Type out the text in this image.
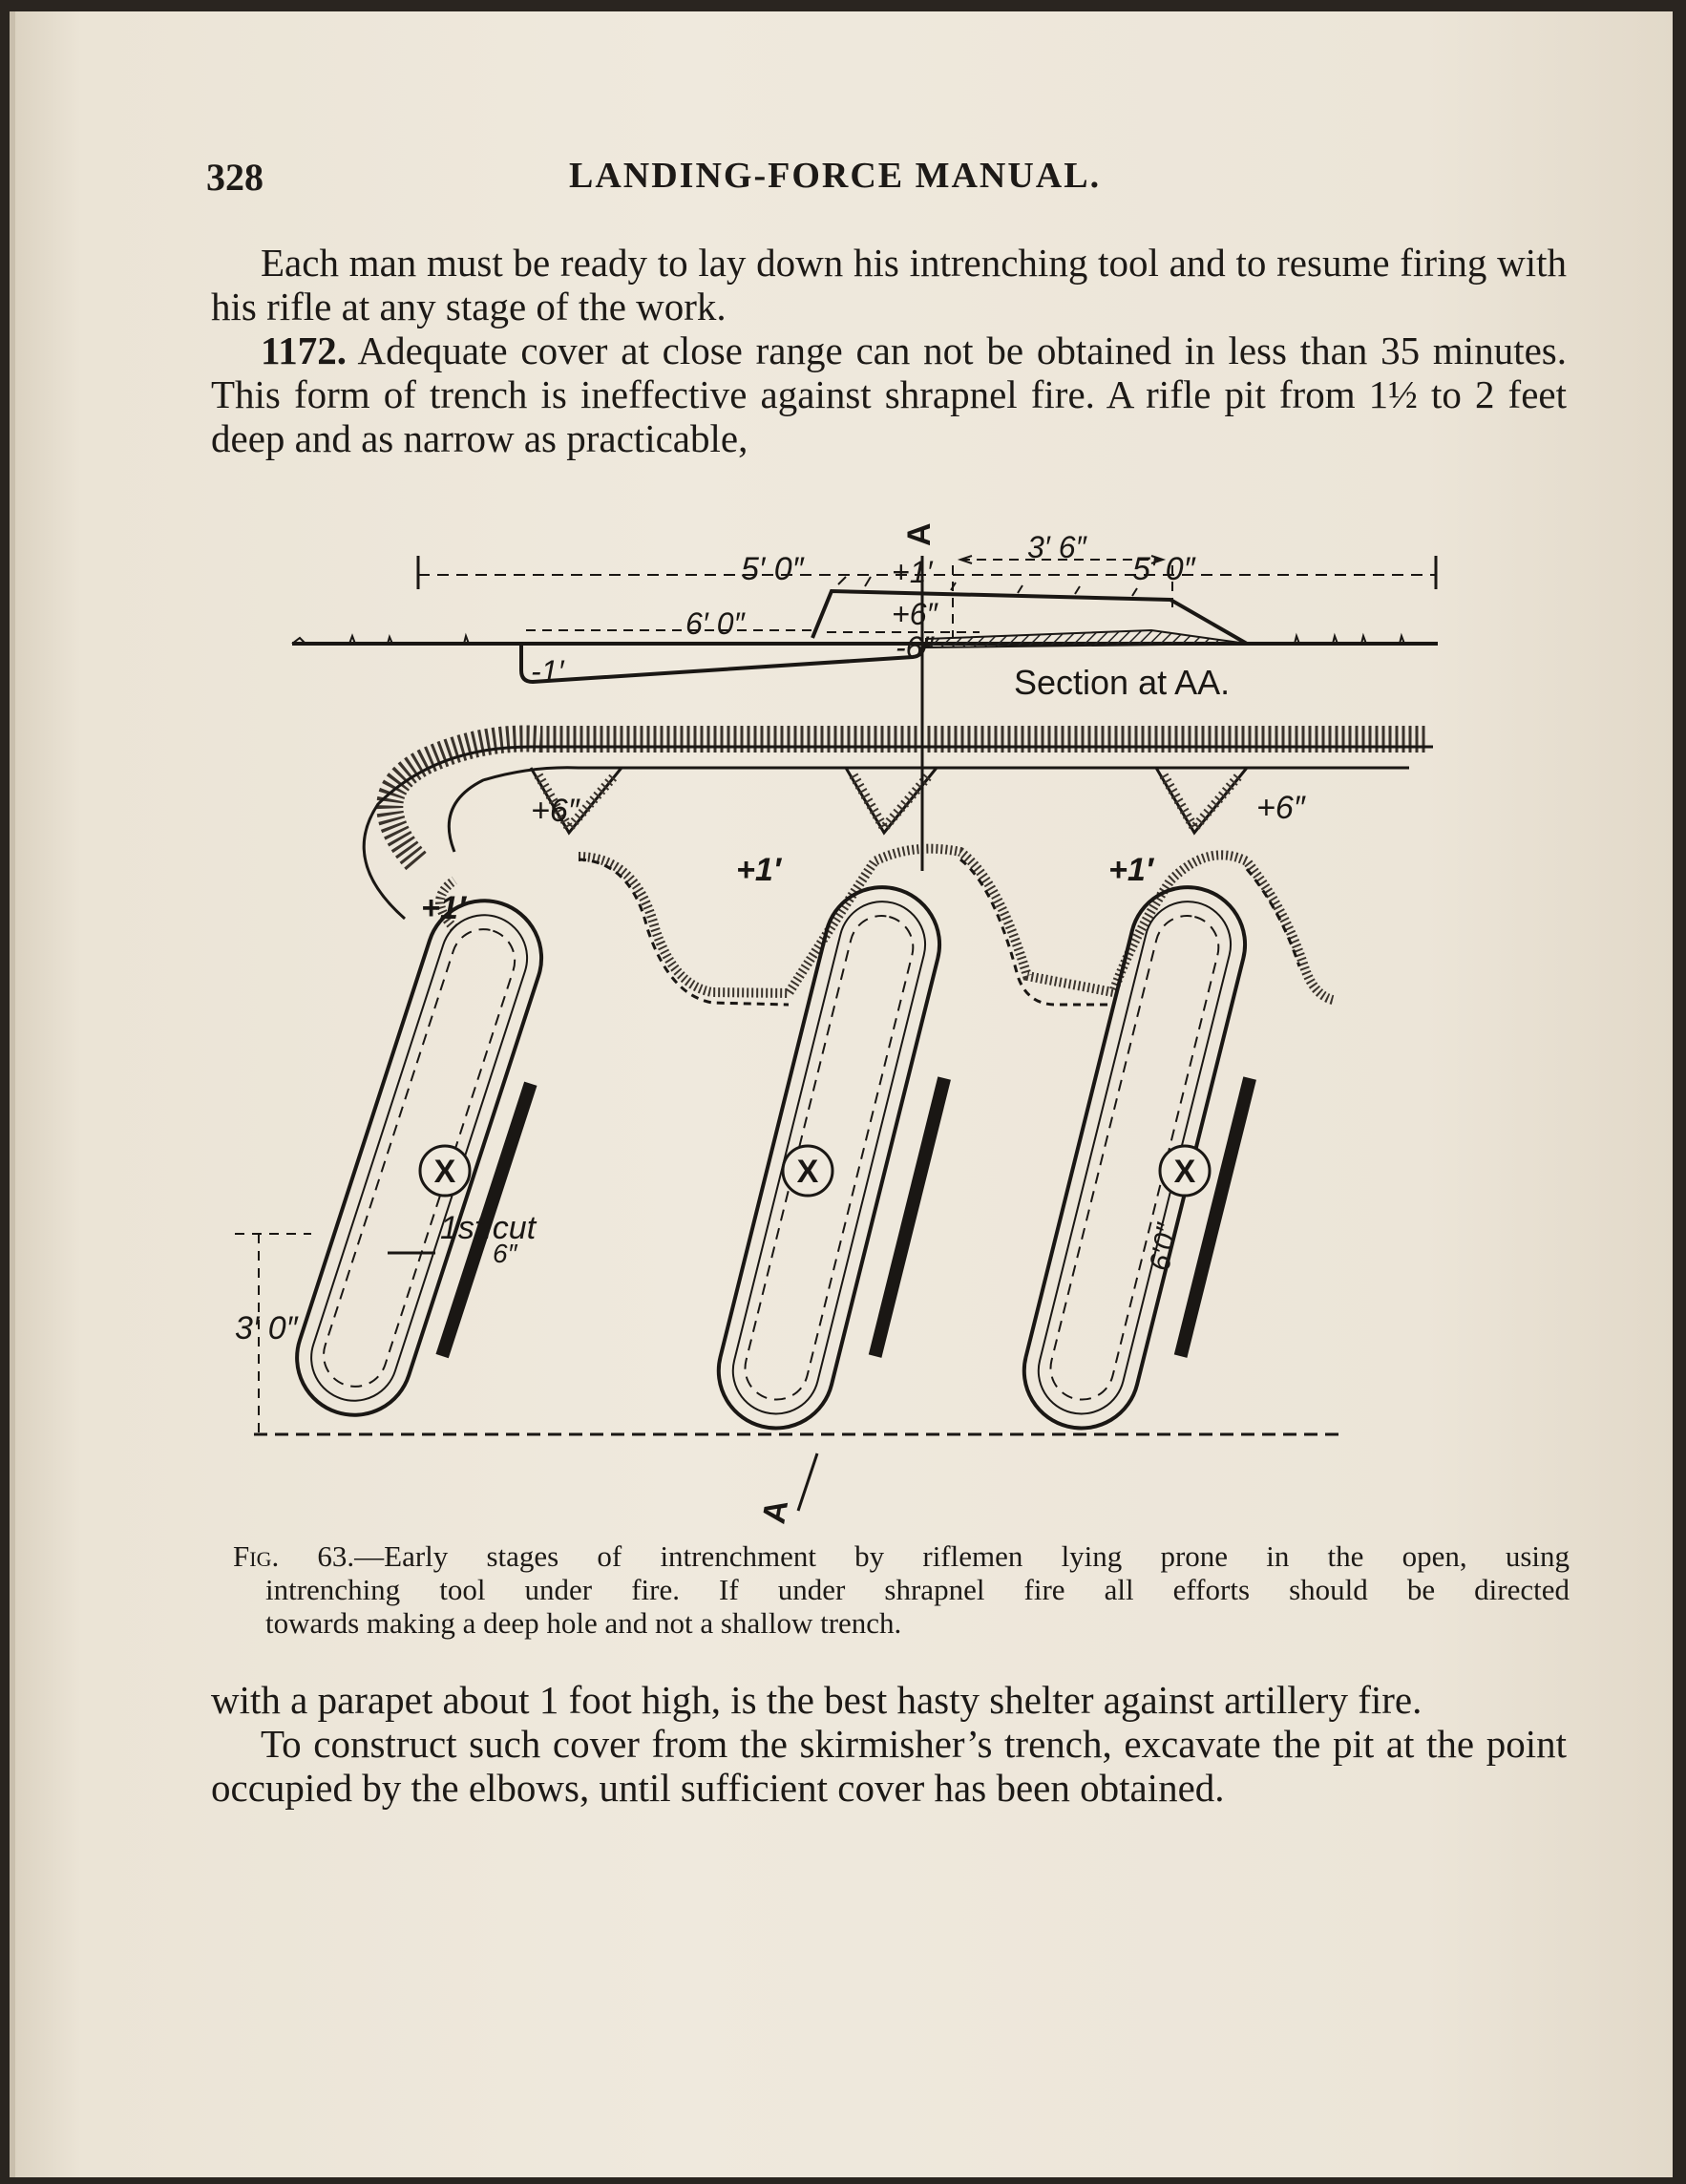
328	LANDING-FORCE MANUAL.

Each man must be ready to lay down his intrenching tool and to resume firing with his rifle at any stage of the work.

1172. Adequate cover at close range can not be obtained in less than 35 minutes. This form of trench is ineffective against shrapnel fire. A rifle pit from 1½ to 2 feet deep and as narrow as practicable,

+1′
3′ 6″
+6″
6′ 0″
-6″
-1′	Section at AA.
X	X	X
A
A
5′ 0″	5′ 0″
+6″	+6″
+1′
+1′	+1′
6″
1st.cut
3′ 0″
6′0″
Fig. 63.—Early stages of intrenchment by riflemen lying prone in the open, using
intrenching tool under fire. If under shrapnel fire all efforts should be directed
towards making a deep hole and not a shallow trench.

with a parapet about 1 foot high, is the best hasty shelter against artillery fire.

To construct such cover from the skirmisher’s trench, excavate the pit at the point occupied by the elbows, until sufficient cover has been obtained.
